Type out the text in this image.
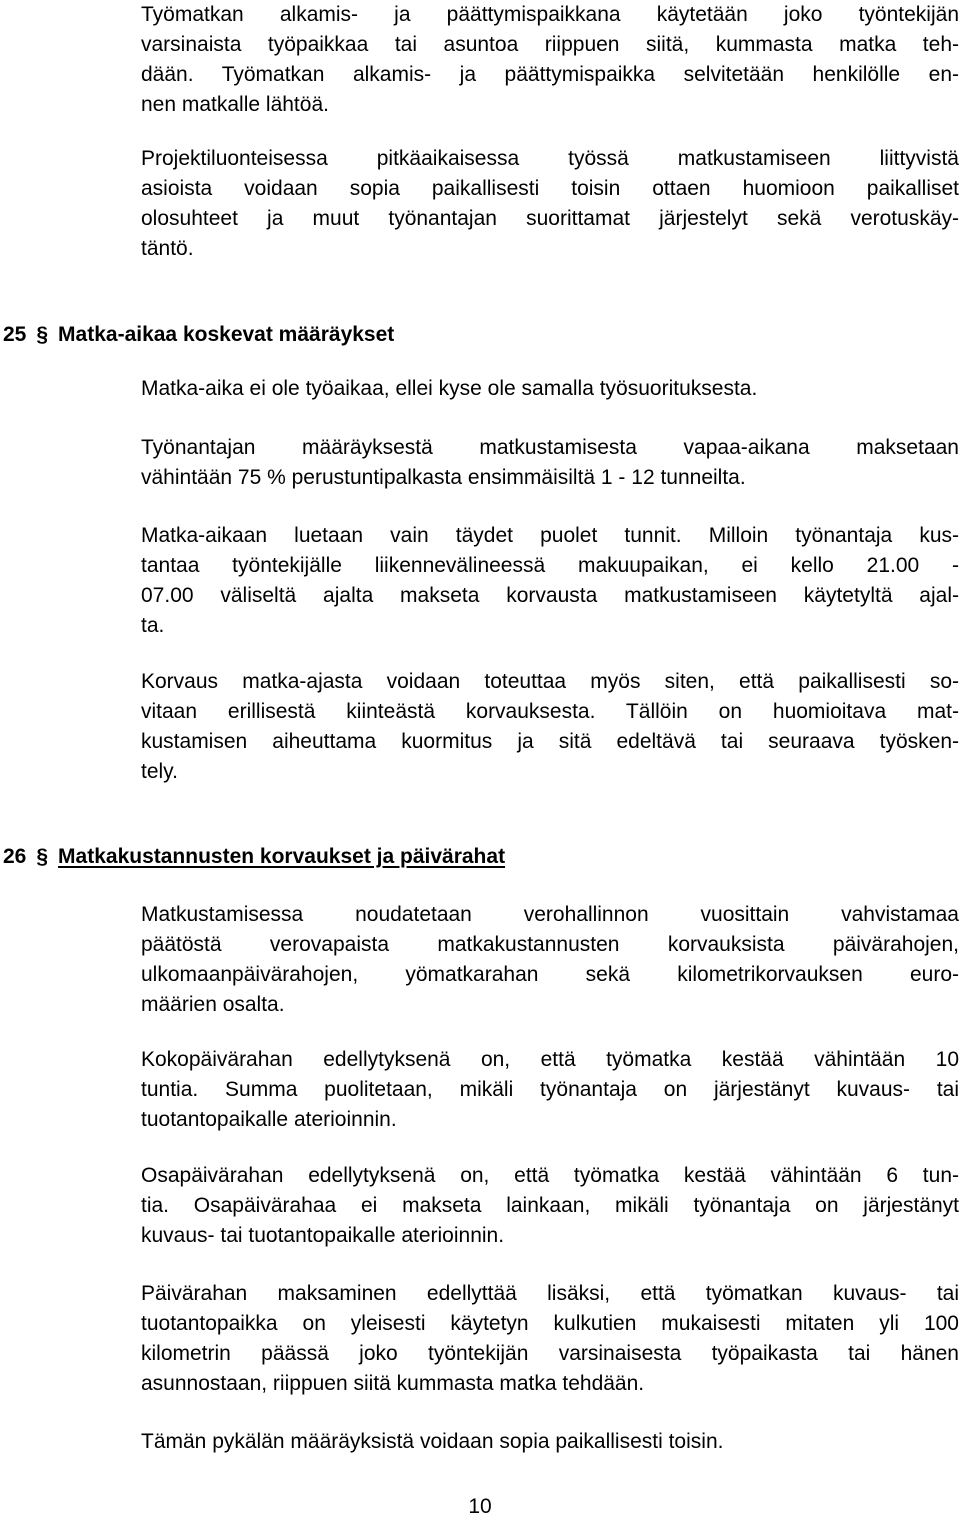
Työmatkan alkamis- ja päättymispaikkana käytetään joko työntekijän
varsinaista työpaikkaa tai asuntoa riippuen siitä, kummasta matka teh-
dään. Työmatkan alkamis- ja päättymispaikka selvitetään henkilölle en-
nen matkalle lähtöä.
Projektiluonteisessa pitkäaikaisessa työssä matkustamiseen liittyvistä
asioista voidaan sopia paikallisesti toisin ottaen huomioon paikalliset
olosuhteet ja muut työnantajan suorittamat järjestelyt sekä verotuskäy-
täntö.
25 § Matka-aikaa koskevat määräykset
Matka-aika ei ole työaikaa, ellei kyse ole samalla työsuorituksesta.
Työnantajan määräyksestä matkustamisesta vapaa-aikana maksetaan
vähintään 75 % perustuntipalkasta ensimmäisiltä 1 - 12 tunneilta.
Matka-aikaan luetaan vain täydet puolet tunnit. Milloin työnantaja kus-
tantaa työntekijälle liikennevälineessä makuupaikan, ei kello 21.00 -
07.00 väliseltä ajalta makseta korvausta matkustamiseen käytetyltä ajal-
ta.
Korvaus matka-ajasta voidaan toteuttaa myös siten, että paikallisesti so-
vitaan erillisestä kiinteästä korvauksesta. Tällöin on huomioitava mat-
kustamisen aiheuttama kuormitus ja sitä edeltävä tai seuraava työsken-
tely.
26 § Matkakustannusten korvaukset ja päivärahat
Matkustamisessa noudatetaan verohallinnon vuosittain vahvistamaa
päätöstä verovapaista matkakustannusten korvauksista päivärahojen,
ulkomaanpäivärahojen, yömatkarahan sekä kilometrikorvauksen euro-
määrien osalta.
Kokopäivärahan edellytyksenä on, että työmatka kestää vähintään 10
tuntia. Summa puolitetaan, mikäli työnantaja on järjestänyt kuvaus- tai
tuotantopaikalle aterioinnin.
Osapäivärahan edellytyksenä on, että työmatka kestää vähintään 6 tun-
tia. Osapäivärahaa ei makseta lainkaan, mikäli työnantaja on järjestänyt
kuvaus- tai tuotantopaikalle aterioinnin.
Päivärahan maksaminen edellyttää lisäksi, että työmatkan kuvaus- tai
tuotantopaikka on yleisesti käytetyn kulkutien mukaisesti mitaten yli 100
kilometrin päässä joko työntekijän varsinaisesta työpaikasta tai hänen
asunnostaan, riippuen siitä kummasta matka tehdään.
Tämän pykälän määräyksistä voidaan sopia paikallisesti toisin.
10
